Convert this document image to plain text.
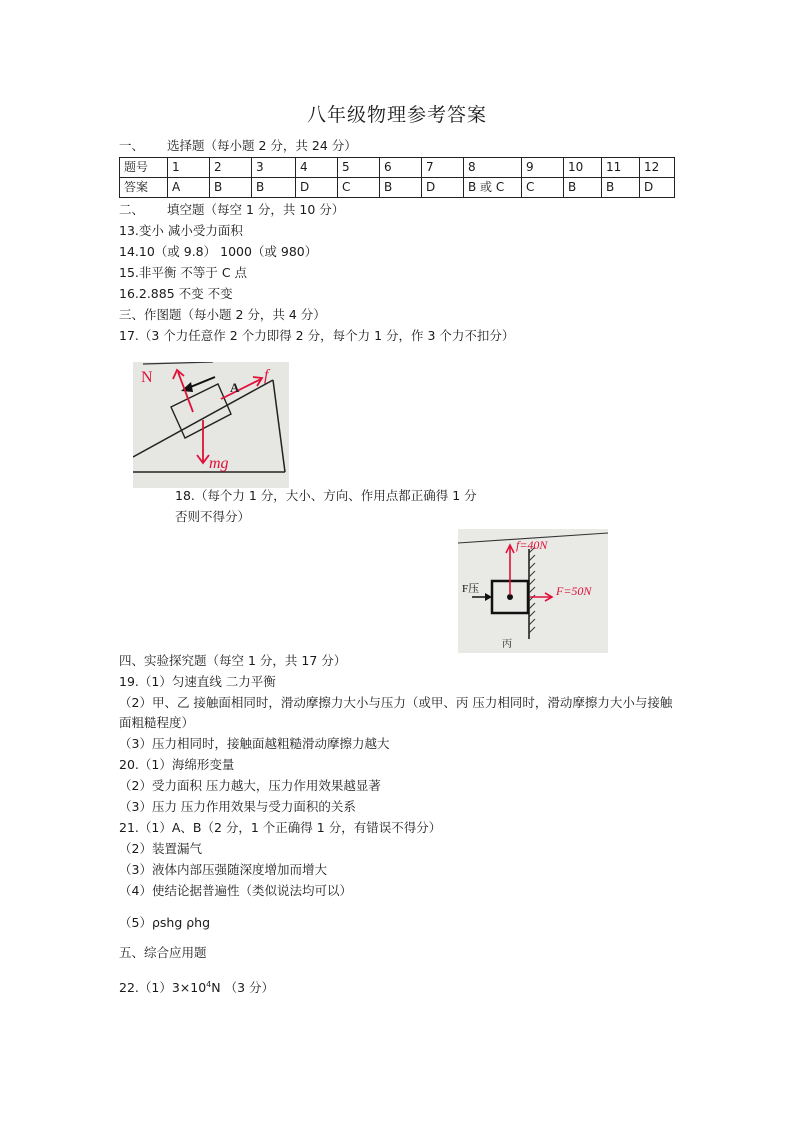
八年级物理参考答案
一、 选择题（每小题 2 分，共 24 分）
题号	1	2	3	4	5	6	7	8	9	10	11	12
答案	A	B	B	D	C	B	D	B 或 C	C	B	B	D
二、 填空题（每空 1 分，共 10 分）
13.变小 减小受力面积
14.10（或 9.8） 1000（或 980）
15.非平衡 不等于 C 点
16.2.885 不变 不变
三、作图题（每小题 2 分，共 4 分）
17.（3 个力任意作 2 个力即得 2 分，每个力 1 分，作 3 个力不扣分）
N
A
f
mg
18.（每个力 1 分，大小、方向、作用点都正确得 1 分
否则不得分）
f=40N
F压	F=50N
丙
四、实验探究题（每空 1 分，共 17 分）
19.（1）匀速直线 二力平衡
（2）甲、乙 接触面相同时，滑动摩擦力大小与压力（或甲、丙 压力相同时，滑动摩擦力大小与接触面粗糙程度）
（3）压力相同时，接触面越粗糙滑动摩擦力越大
20.（1）海绵形变量
（2）受力面积 压力越大，压力作用效果越显著
（3）压力 压力作用效果与受力面积的关系
21.（1）A、B（2 分，1 个正确得 1 分，有错误不得分）
（2）装置漏气
（3）液体内部压强随深度增加而增大
（4）使结论据普遍性（类似说法均可以）
（5）ρshg ρhg
五、综合应用题
$22.(1)3\times 10^4N$ （3 分）
